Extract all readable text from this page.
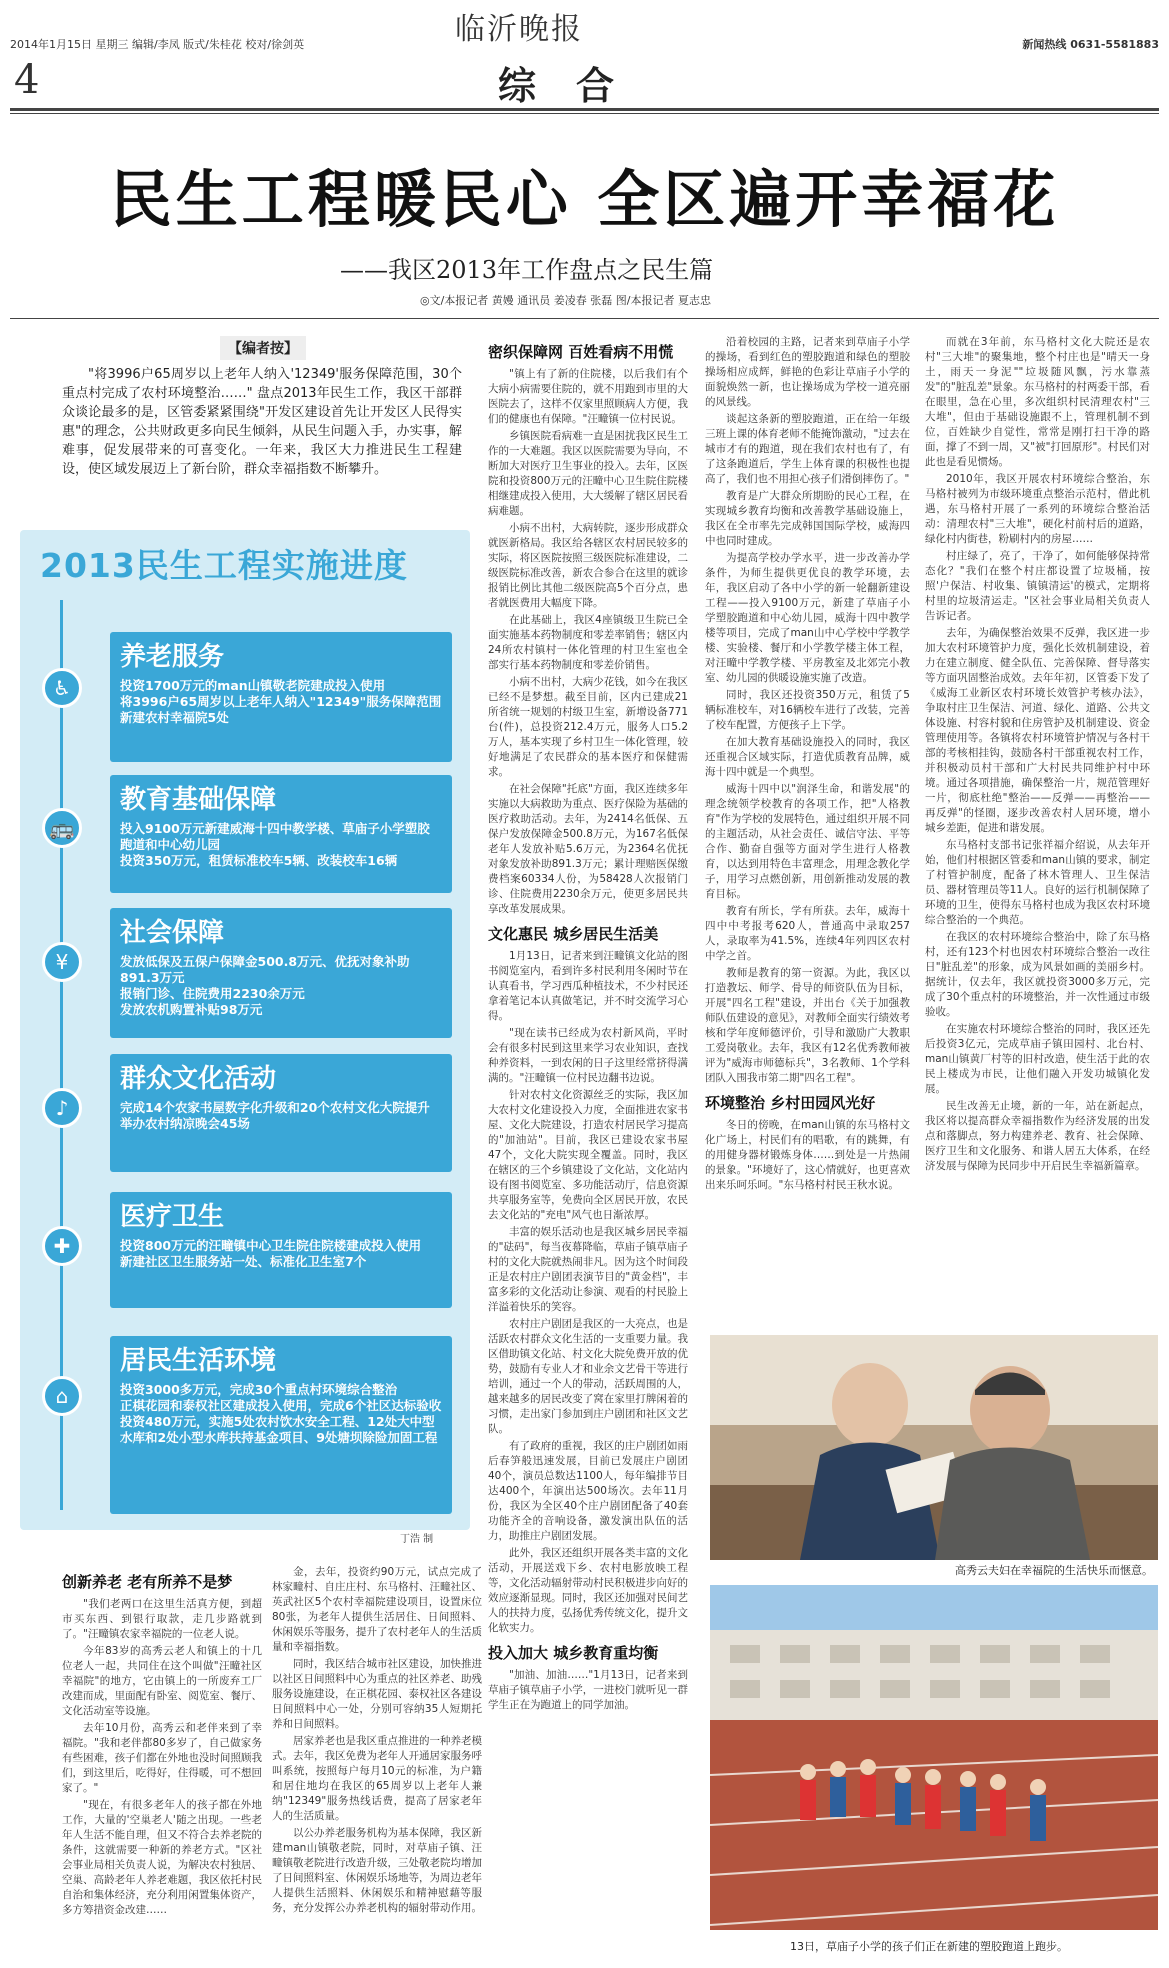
2014年1月15日 星期三 编辑/李凤 版式/朱桂花 校对/徐剑英	新闻热线 0631-5581883
临沂晚报
4	综合
民生工程暖民心 全区遍开幸福花
——我区2013年工作盘点之民生篇
◎文/本报记者 黄嫚 通讯员 姜凌春 张磊 图/本报记者 夏志忠
【编者按】

"将3996户65周岁以上老年人纳入'12349'服务保障范围，30个重点村完成了农村环境整治……" 盘点2013年民生工作，我区干部群众谈论最多的是，区管委紧紧围绕"开发区建设首先让开发区人民得实惠"的理念，公共财政更多向民生倾斜，从民生问题入手，办实事，解难事，促发展带来的可喜变化。一年来，我区大力推进民生工程建设，使区域发展迈上了新台阶，群众幸福指数不断攀升。

2013民生工程实施进度
♿
养老服务
投资1700万元的man山镇敬老院建成投入使用
将3996户65周岁以上老年人纳入"12349"服务保障范围
新建农村幸福院5处
🚌
教育基础保障
投入9100万元新建威海十四中教学楼、草庙子小学塑胶跑道和中心幼儿园
投资350万元，租赁标准校车5辆、改装校车16辆
¥
社会保障
发放低保及五保户保障金500.8万元、优抚对象补助891.3万元
报销门诊、住院费用2230余万元
发放农机购置补贴98万元
♪
群众文化活动
完成14个农家书屋数字化升级和20个农村文化大院提升
举办农村纳凉晚会45场
✚
医疗卫生
投资800万元的汪疃镇中心卫生院住院楼建成投入使用
新建社区卫生服务站一处、标准化卫生室7个
⌂
居民生活环境
投资3000多万元，完成30个重点村环境综合整治
正棋花园和泰权社区建成投入使用，完成6个社区达标验收
投资480万元，实施5处农村饮水安全工程、12处大中型水库和2处小型水库扶持基金项目、9处塘坝除险加固工程
丁浩 制

创新养老 老有所养不是梦

"我们老两口在这里生活真方便，到超市买东西、到银行取款，走几步路就到了。"汪疃镇农家幸福院的一位老人说。

今年83岁的高秀云老人和镇上的十几位老人一起，共同住在这个叫做"汪疃社区幸福院"的地方，它由镇上的一所废弃工厂改建而成，里面配有卧室、阅览室、餐厅、文化活动室等设施。

去年10月份，高秀云和老伴来到了幸福院。"我和老伴都80多岁了，自己做家务有些困难，孩子们都在外地也没时间照顾我们，到这里后，吃得好，住得暖，可不想回家了。"

"现在，有很多老年人的孩子都在外地工作，大量的'空巢老人'随之出现。一些老年人生活不能自理，但又不符合去养老院的条件，这就需要一种新的养老方式。"区社会事业局相关负责人说，为解决农村独居、空巢、高龄老年人养老难题，我区依托村民自治和集体经济，充分利用闲置集体资产，多方筹措资金改建……

金，去年，投资约90万元，试点完成了林家疃村、自庄庄村、东马格村、汪疃社区、英武社区5个农村幸福院建设项目，设置床位80张，为老年人提供生活居住、日间照料、休闲娱乐等服务，提升了农村老年人的生活质量和幸福指数。

同时，我区结合城市社区建设，加快推进以社区日间照料中心为重点的社区养老、助残服务设施建设，在正棋花园、泰权社区各建设日间照料中心一处，分别可容纳35人短期托养和日间照料。

居家养老也是我区重点推进的一种养老模式。去年，我区免费为老年人开通居家服务呼叫系统，按照每户每月10元的标准，为户籍和居住地均在我区的65周岁以上老年人兼纳"12349"服务热线话费，提高了居家老年人的生活质量。

以公办养老服务机构为基本保障，我区新建man山镇敬老院，同时，对草庙子镇、汪疃镇敬老院进行改造升级，三处敬老院均增加了日间照料室、休闲娱乐场地等，为周边老年人提供生活照料、休闲娱乐和精神慰藉等服务，充分发挥公办养老机构的辐射带动作用。

密织保障网 百姓看病不用慌

"镇上有了新的住院楼，以后我们有个大病小病需要住院的，就不用跑到市里的大医院去了，这样不仅家里照顾病人方便，我们的健康也有保障。"汪疃镇一位村民说。

乡镇医院看病难一直是困扰我区民生工作的一大难题。我区以医院需要为导向，不断加大对医疗卫生事业的投入。去年，区医院和投资800万元的汪疃中心卫生院住院楼相继建成投入使用，大大缓解了辖区居民看病难题。

小病不出村，大病转院，逐步形成群众就医新格局。我区给各辖区农村居民较多的实际，将区医院按照三级医院标准建设，二级医院标准改善，新农合参合在这里的就诊报销比例比其他二级医院高5个百分点，患者就医费用大幅度下降。

在此基础上，我区4座镇级卫生院已全面实施基本药物制度和零差率销售；辖区内24所农村镇村一体化管理的村卫生室也全部实行基本药物制度和零差价销售。

小病不出村，大病少花钱，如今在我区已经不是梦想。截至目前，区内已建成21所省统一规划的村级卫生室，新增设备771台(件)，总投资212.4万元，服务人口5.2万人，基本实现了乡村卫生一体化管理，较好地满足了农民群众的基本医疗和保健需求。

在社会保障"托底"方面，我区连续多年实施以大病救助为重点、医疗保险为基础的医疗救助活动。去年，为2414名低保、五保户发放保障金500.8万元，为167名低保老年人发放补贴5.6万元，为2364名优抚对象发放补助891.3万元；累计理赔医保缴费档案60334人份，为58428人次报销门诊、住院费用2230余万元，使更多居民共享改革发展成果。

文化惠民 城乡居民生活美

1月13日，记者来到汪疃镇文化站的图书阅览室内，看到许多村民利用冬闲时节在认真看书，学习西瓜种植技术，不少村民还拿着笔记本认真做笔记，并不时交流学习心得。

"现在读书已经成为农村新风尚，平时会有很多村民到这里来学习农业知识，查找种养资料，一到农闲的日子这里经常挤得满满的。"汪疃镇一位村民边翻书边说。

针对农村文化资源丝乏的实际，我区加大农村文化建设投入力度，全面推进农家书屋、文化大院建设，打造农村居民学习提高的"加油站"。目前，我区已建设农家书屋47个，文化大院实现全覆盖。同时，我区在辖区的三个乡镇建设了文化站，文化站内设有图书阅览室、多功能活动厅，信息资源共享服务室等，免费向全区居民开放，农民去文化站的"充电"风气也日渐浓厚。

丰富的娱乐活动也是我区城乡居民幸福的"砝码"，每当夜幕降临，草庙子镇草庙子村的文化大院就热闹非凡。因为这个时间段正是农村庄户剧团表演节目的"黄金档"，丰富多彩的文化活动让参演、观看的村民脸上洋溢着快乐的笑容。

农村庄户剧团是我区的一大亮点，也是活跃农村群众文化生活的一支重要力量。我区借助镇文化站、村文化大院免费开放的优势，鼓励有专业人才和业余文艺骨干等进行培训，通过一个人的带动，活跃周围的人，越来越多的居民改变了窝在家里打牌闲着的习惯，走出家门参加到庄户剧团和社区文艺队。

有了政府的重视，我区的庄户剧团如雨后春笋般迅速发展，目前已发展庄户剧团40个，演员总数达1100人，每年编排节目达400个，年演出达500场次。去年11月份，我区为全区40个庄户剧团配备了40套功能齐全的音响设备，激发演出队伍的活力，助推庄户剧团发展。

此外，我区还组织开展各类丰富的文化活动，开展送戏下乡、农村电影放映工程等，文化活动辐射带动村民积极进步向好的效应逐渐显现。同时，我区还加强对民间艺人的扶持力度，弘扬优秀传统文化，提升文化软实力。

投入加大 城乡教育重均衡

"加油、加油……"1月13日，记者来到草庙子镇草庙子小学，一进校门就听见一群学生正在为跑道上的同学加油。

沿着校园的主路，记者来到草庙子小学的操场，看到红色的塑胶跑道和绿色的塑胶操场相应成辉，鲜艳的色彩让草庙子小学的面貌焕然一新，也让操场成为学校一道亮丽的风景线。

谈起这条新的塑胶跑道，正在给一年级三班上课的体育老师不能掩饰激动，"过去在城市才有的跑道，现在我们农村也有了，有了这条跑道后，学生上体育课的积极性也提高了，我们也不用担心孩子们滑倒摔伤了。"

教育是广大群众所期盼的民心工程，在实现城乡教育均衡和改善教学基础设施上，我区在全市率先完成韩国国际学校，威海四中也同时建成。

为提高学校办学水平，进一步改善办学条件，为师生提供更优良的教学环境，去年，我区启动了各中小学的新一轮翻新建设工程——投入9100万元，新建了草庙子小学塑胶跑道和中心幼儿园，威海十四中教学楼等项目，完成了man山中心学校中学教学楼、实验楼、餐厅和小学教学楼主体工程，对汪疃中学教学楼、平房教室及北郊完小教室、幼儿园的供暖设施实施了改造。

同时，我区还投资350万元，租赁了5辆标准校车，对16辆校车进行了改装，完善了校车配置，方便孩子上下学。

在加大教育基础设施投入的同时，我区还重视合区域实际，打造优质教育品牌，威海十四中就是一个典型。

威海十四中以"润泽生命，和谐发展"的理念统领学校教育的各项工作，把"人格教育"作为学校的发展特色，通过组织开展不同的主题活动，从社会责任、诚信守法、平等合作、勤奋自强等方面对学生进行人格教育，以达到用特色丰富理念，用理念教化学子，用学习点燃创新，用创新推动发展的教育目标。

教育有所长，学有所获。去年，威海十四中中考报考620人，普通高中录取257人，录取率为41.5%，连续4年列四区农村中学之首。

教师是教育的第一资源。为此，我区以打造教坛、师学、骨导的师资队伍为目标，开展"四名工程"建设，并出台《关于加强教师队伍建设的意见》，对教师全面实行绩效考核和学年度师德评价，引导和激励广大教职工爱岗敬业。去年，我区有12名优秀教师被评为"威海市师德标兵"，3名教师、1个学科团队入围我市第二期"四名工程"。

环境整治 乡村田园风光好

冬日的傍晚，在man山镇的东马格村文化广场上，村民们有的唱歌，有的跳舞，有的用健身器材锻炼身体……到处是一片热闹的景象。"环境好了，这心情就好，也更喜欢出来乐呵乐呵。"东马格村村民王秋水说。

而就在3年前，东马格村文化大院还是农村"三大堆"的聚集地，整个村庄也是"晴天一身土，雨天一身泥""垃圾随风飘，污水靠蒸发"的"脏乱差"景象。东马格村的村两委干部，看在眼里，急在心里，多次组织村民清理农村"三大堆"，但由于基础设施跟不上，管理机制不到位，百姓缺少自觉性，常常是刚打扫干净的路面，撑了不到一周，又"被"打回原形"。村民们对此也是看见惯炀。

2010年，我区开展农村环境综合整治，东马格村被列为市级环境重点整治示范村，借此机遇，东马格村开展了一系列的环境综合整治活动：清理农村"三大堆"，硬化村前村后的道路，绿化村内街巷，粉刷村内的房屋……

村庄绿了，亮了，干净了，如何能够保持常态化？"我们在整个村庄都设置了垃圾桶，按照'户保洁、村收集、镇镇清运'的模式，定期将村里的垃圾清运走。"区社会事业局相关负责人告诉记者。

去年，为确保整治效果不反弹，我区进一步加大农村环境管护力度，强化长效机制建设，着力在建立制度、健全队伍、完善保障、督导落实等方面巩固整治成效。去年年初，区管委下发了《威海工业新区农村环境长效管护考核办法》，争取村庄卫生保洁、河道、绿化、道路、公共文体设施、村容村貌和住房管护及机制建设、资金管理使用等。各镇将农村环境管护情况与各村干部的考核相挂钩，鼓励各村干部重视农村工作，并积极动员村干部和广大村民共同维护村中环境。通过各项措施，确保整治一片，规范管理好一片，彻底杜绝"整治——反弹——再整治——再反弹"的怪圈，逐步改善农村人居环境，增小城乡差距，促进和谐发展。

东马格村支部书记张祥福介绍说，从去年开始，他们村根据区管委和man山镇的要求，制定了村管护制度，配备了林木管理人、卫生保洁员、器材管理员等11人。良好的运行机制保障了环境的卫生，使得东马格村也成为我区农村环境综合整治的一个典范。

在我区的农村环境综合整治中，除了东马格村，还有123个村也因农村环境综合整治一改往日"脏乱差"的形象，成为风景如画的美丽乡村。据统计，仅去年，我区就投资3000多万元，完成了30个重点村的环境整治，并一次性通过市级验收。

在实施农村环境综合整治的同时，我区还先后投资3亿元，完成草庙子镇田园村、北台村、man山镇黄厂村等的旧村改造，使生活于此的农民上楼成为市民，让他们融入开发功城镇化发展。

民生改善无止境，新的一年，站在新起点，我区将以提高群众幸福指数作为经济发展的出发点和落脚点，努力构建养老、教育、社会保障、医疗卫生和文化服务、和谐人居五大体系，在经济发展与保障为民同步中开启民生幸福新篇章。

高秀云夫妇在幸福院的生活快乐而惬意。
13日，草庙子小学的孩子们正在新建的塑胶跑道上跑步。
